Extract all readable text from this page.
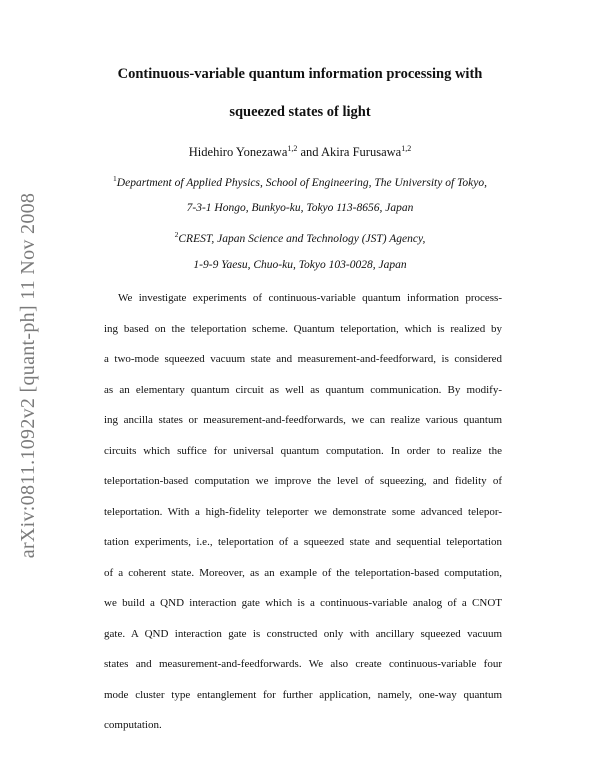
arXiv:0811.1092v2 [quant-ph] 11 Nov 2008
Continuous-variable quantum information processing with
squeezed states of light
Hidehiro Yonezawa$^{1,2}$ and Akira Furusawa$^{1,2}$
$^1$Department of Applied Physics, School of Engineering, The University of Tokyo,
7-3-1 Hongo, Bunkyo-ku, Tokyo 113-8656, Japan
$^2$CREST, Japan Science and Technology (JST) Agency,
1-9-9 Yaesu, Chuo-ku, Tokyo 103-0028, Japan
We investigate experiments of continuous-variable quantum information process-
ing based on the teleportation scheme. Quantum teleportation, which is realized by
a two-mode squeezed vacuum state and measurement-and-feedforward, is considered
as an elementary quantum circuit as well as quantum communication. By modify-
ing ancilla states or measurement-and-feedforwards, we can realize various quantum
circuits which suffice for universal quantum computation. In order to realize the
teleportation-based computation we improve the level of squeezing, and fidelity of
teleportation. With a high-fidelity teleporter we demonstrate some advanced telepor-
tation experiments, i.e., teleportation of a squeezed state and sequential teleportation
of a coherent state. Moreover, as an example of the teleportation-based computation,
we build a QND interaction gate which is a continuous-variable analog of a CNOT
gate. A QND interaction gate is constructed only with ancillary squeezed vacuum
states and measurement-and-feedforwards. We also create continuous-variable four
mode cluster type entanglement for further application, namely, one-way quantum
computation.
